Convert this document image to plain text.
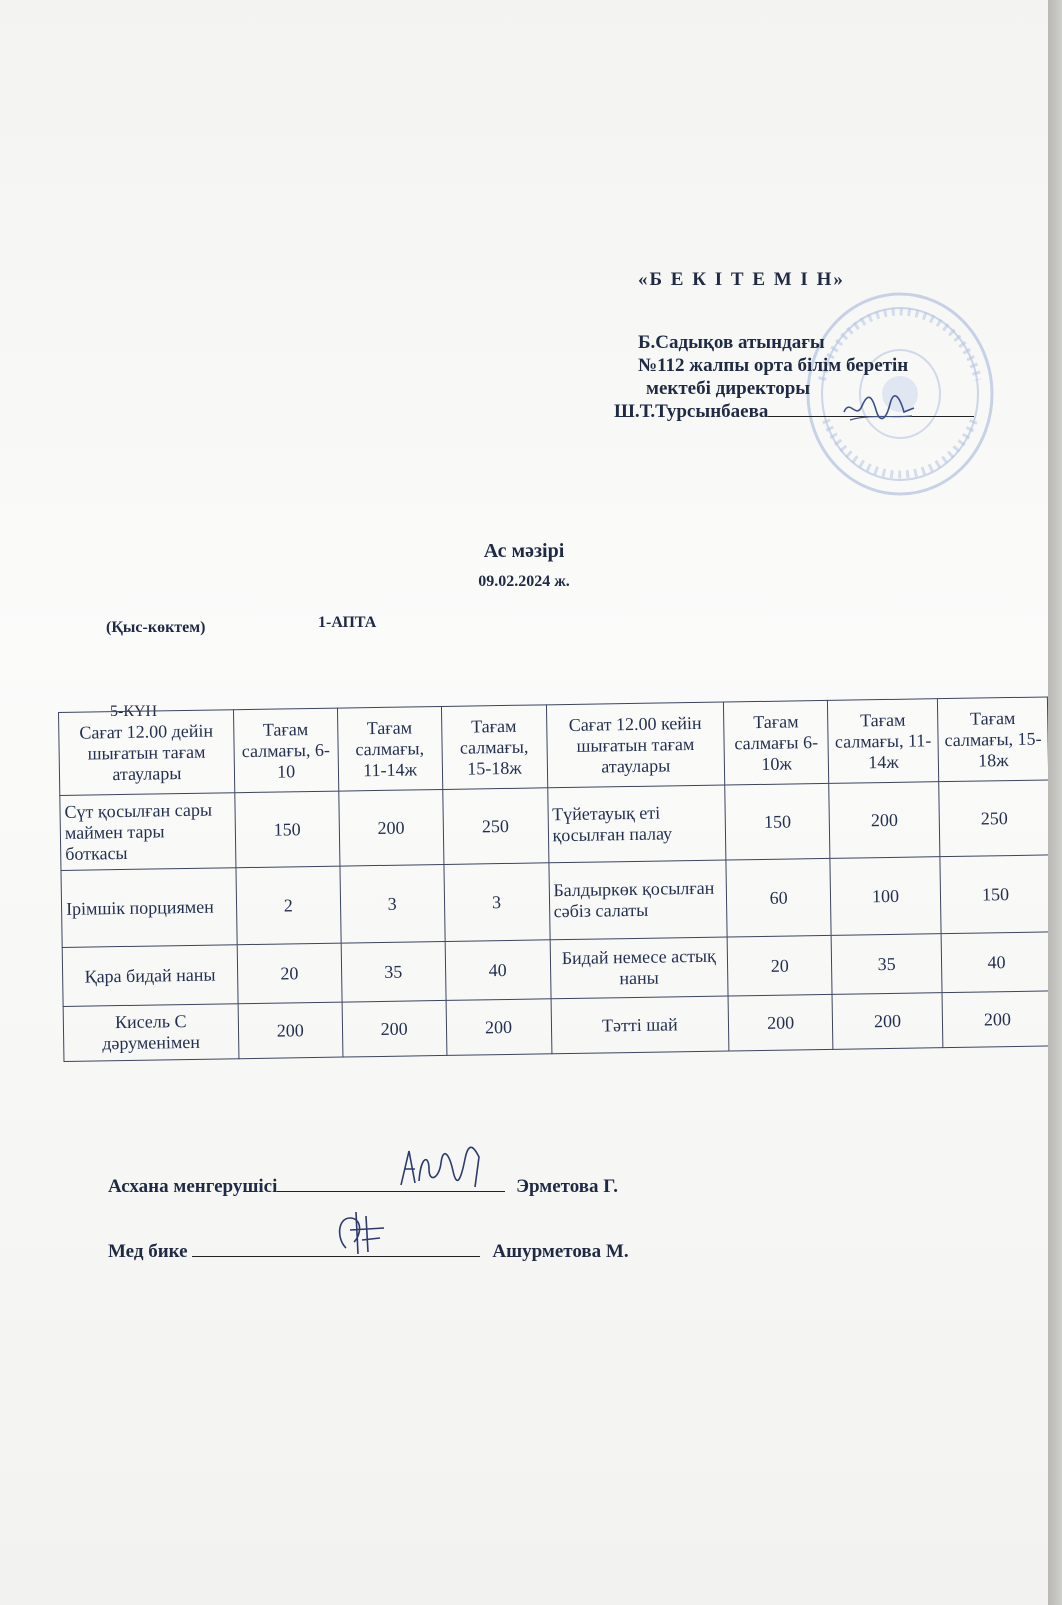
«Б Е К І Т Е М І Н»
Б.Садықов атындағы
№112 жалпы орта білім беретін
мектебі директоры
Ш.Т.Турсынбаева
Ас мәзірі
09.02.2024 ж.
(Қыс-көктем)	1-АПТА
5-КҮН
Сағат 12.00 дейін шығатын тағам атаулары	Тағам салмағы, 6-10	Тағам салмағы, 11-14ж	Тағам салмағы, 15-18ж	Сағат 12.00 кейін шығатын тағам атаулары	Тағам салмағы 6-10ж	Тағам салмағы, 11-14ж	Тағам салмағы, 15-18ж
Сүт қосылған сары маймен тары боткасы	150	200	250	Түйетауық еті қосылған палау	150	200	250
Ірімшік порциямен	2	3	3	Балдыркөк қосылған сәбіз салаты	60	100	150
Қара бидай наны	20	35	40	Бидай немесе астық наны	20	35	40
Кисель С дәруменімен	200	200	200	Тәтті шай	200	200	200
Асхана менгерушісі	Эрметова Г.
Мед бике	Ашурметова М.
